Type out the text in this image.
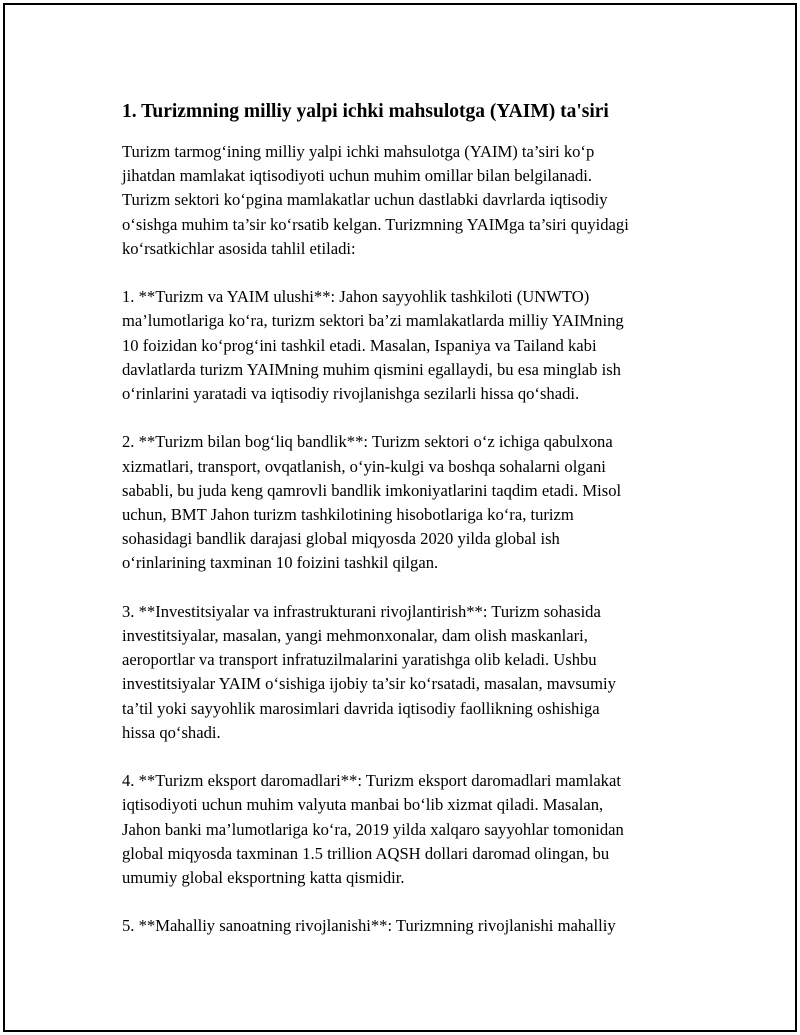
1. Turizmning milliy yalpi ichki mahsulotga (YAIM) ta'siri

Turizm tarmog‘ining milliy yalpi ichki mahsulotga (YAIM) ta’siri ko‘p
jihatdan mamlakat iqtisodiyoti uchun muhim omillar bilan belgilanadi.
Turizm sektori ko‘pgina mamlakatlar uchun dastlabki davrlarda iqtisodiy
o‘sishga muhim ta’sir ko‘rsatib kelgan. Turizmning YAIMga ta’siri quyidagi
ko‘rsatkichlar asosida tahlil etiladi:

1. **Turizm va YAIM ulushi**: Jahon sayyohlik tashkiloti (UNWTO)
ma’lumotlariga ko‘ra, turizm sektori ba’zi mamlakatlarda milliy YAIMning
10 foizidan ko‘prog‘ini tashkil etadi. Masalan, Ispaniya va Tailand kabi
davlatlarda turizm YAIMning muhim qismini egallaydi, bu esa minglab ish
o‘rinlarini yaratadi va iqtisodiy rivojlanishga sezilarli hissa qo‘shadi.

2. **Turizm bilan bog‘liq bandlik**: Turizm sektori o‘z ichiga qabulxona
xizmatlari, transport, ovqatlanish, o‘yin-kulgi va boshqa sohalarni olgani
sababli, bu juda keng qamrovli bandlik imkoniyatlarini taqdim etadi. Misol
uchun, BMT Jahon turizm tashkilotining hisobotlariga ko‘ra, turizm
sohasidagi bandlik darajasi global miqyosda 2020 yilda global ish
o‘rinlarining taxminan 10 foizini tashkil qilgan.

3. **Investitsiyalar va infrastrukturani rivojlantirish**: Turizm sohasida
investitsiyalar, masalan, yangi mehmonxonalar, dam olish maskanlari,
aeroportlar va transport infratuzilmalarini yaratishga olib keladi. Ushbu
investitsiyalar YAIM o‘sishiga ijobiy ta’sir ko‘rsatadi, masalan, mavsumiy
ta’til yoki sayyohlik marosimlari davrida iqtisodiy faollikning oshishiga
hissa qo‘shadi.

4. **Turizm eksport daromadlari**: Turizm eksport daromadlari mamlakat
iqtisodiyoti uchun muhim valyuta manbai bo‘lib xizmat qiladi. Masalan,
Jahon banki ma’lumotlariga ko‘ra, 2019 yilda xalqaro sayyohlar tomonidan
global miqyosda taxminan 1.5 trillion AQSH dollari daromad olingan, bu
umumiy global eksportning katta qismidir.

5. **Mahalliy sanoatning rivojlanishi**: Turizmning rivojlanishi mahalliy
